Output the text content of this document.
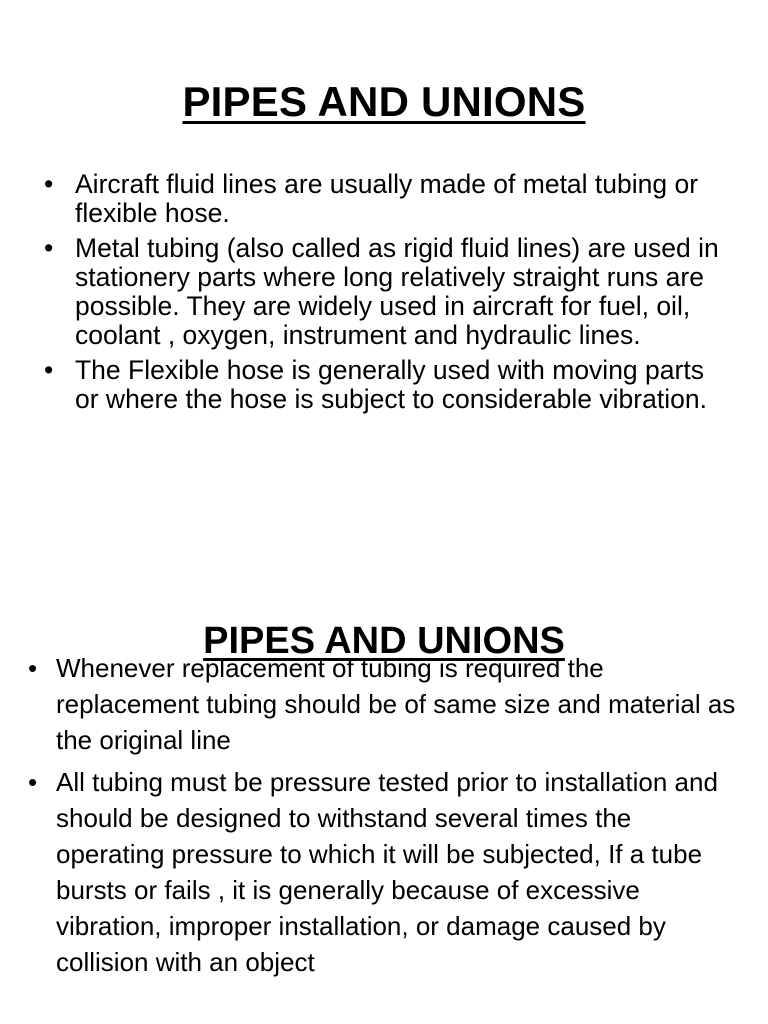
PIPES AND UNIONS
• Aircraft fluid lines are usually made of metal tubing or flexible hose.
• Metal tubing (also called as rigid fluid lines) are used in stationery parts where long relatively straight runs are possible. They are widely used in aircraft for fuel, oil, coolant , oxygen, instrument and hydraulic lines.
• The Flexible hose is generally used with moving parts or where the hose is subject to considerable vibration.
PIPES AND UNIONS
• Whenever replacement of tubing is required the replacement tubing should be of same size and material as the original line
• All tubing must be pressure tested prior to installation and should be designed to withstand several times the operating pressure to which it will be subjected, If a tube bursts or fails , it is generally because of excessive vibration, improper installation, or damage caused by collision with an object
